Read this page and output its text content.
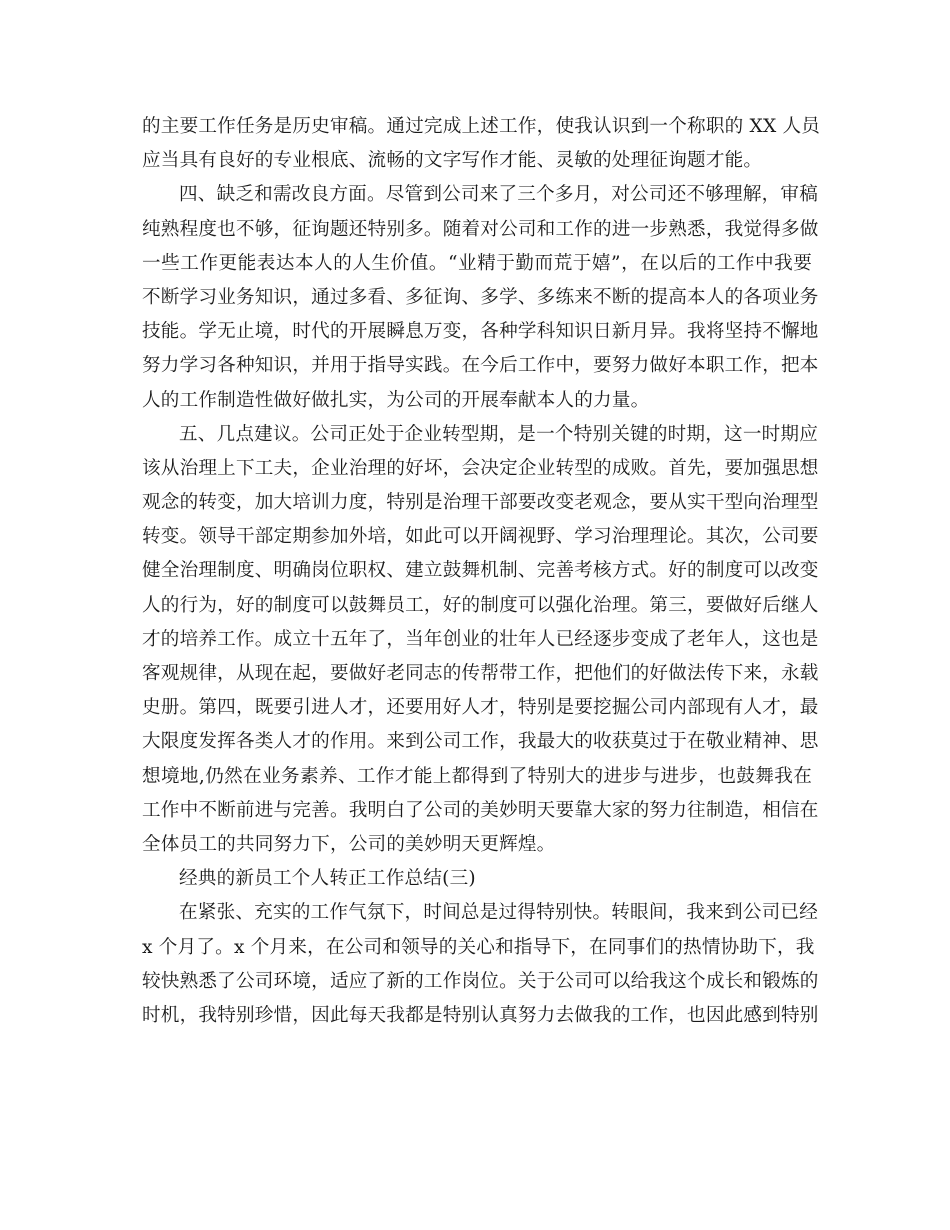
的主要工作任务是历史审稿。通过完成上述工作，使我认识到一个称职的 XX 人员
应当具有良好的专业根底、流畅的文字写作才能、灵敏的处理征询题才能。
四、缺乏和需改良方面。尽管到公司来了三个多月，对公司还不够理解，审稿
纯熟程度也不够，征询题还特别多。随着对公司和工作的进一步熟悉，我觉得多做
一些工作更能表达本人的人生价值。“业精于勤而荒于嬉”，在以后的工作中我要
不断学习业务知识，通过多看、多征询、多学、多练来不断的提高本人的各项业务
技能。学无止境，时代的开展瞬息万变，各种学科知识日新月异。我将坚持不懈地
努力学习各种知识，并用于指导实践。在今后工作中，要努力做好本职工作，把本
人的工作制造性做好做扎实，为公司的开展奉献本人的力量。
五、几点建议。公司正处于企业转型期，是一个特别关键的时期，这一时期应
该从治理上下工夫，企业治理的好坏，会决定企业转型的成败。首先，要加强思想
观念的转变，加大培训力度，特别是治理干部要改变老观念，要从实干型向治理型
转变。领导干部定期参加外培，如此可以开阔视野、学习治理理论。其次，公司要
健全治理制度、明确岗位职权、建立鼓舞机制、完善考核方式。好的制度可以改变
人的行为，好的制度可以鼓舞员工，好的制度可以强化治理。第三，要做好后继人
才的培养工作。成立十五年了，当年创业的壮年人已经逐步变成了老年人，这也是
客观规律，从现在起，要做好老同志的传帮带工作，把他们的好做法传下来，永载
史册。第四，既要引进人才，还要用好人才，特别是要挖掘公司内部现有人才，最
大限度发挥各类人才的作用。来到公司工作，我最大的收获莫过于在敬业精神、思
想境地,仍然在业务素养、工作才能上都得到了特别大的进步与进步，也鼓舞我在
工作中不断前进与完善。我明白了公司的美妙明天要靠大家的努力往制造，相信在
全体员工的共同努力下，公司的美妙明天更辉煌。
经典的新员工个人转正工作总结(三)
在紧张、充实的工作气氛下，时间总是过得特别快。转眼间，我来到公司已经
x 个月了。x 个月来，在公司和领导的关心和指导下，在同事们的热情协助下，我
较快熟悉了公司环境，适应了新的工作岗位。关于公司可以给我这个成长和锻炼的
时机，我特别珍惜，因此每天我都是特别认真努力去做我的工作，也因此感到特别
